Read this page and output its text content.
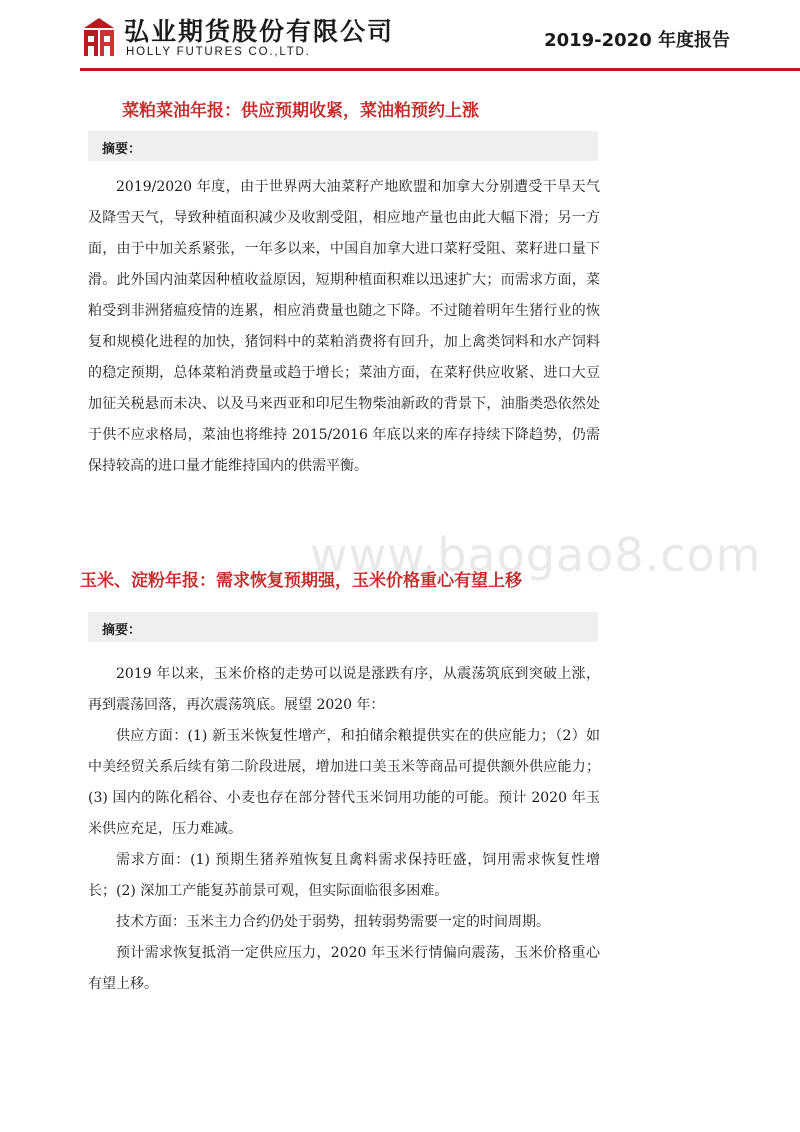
弘业期货股份有限公司
HOLLY FUTURES CO.,LTD.
2019-2020 年度报告
www.baogao8.com
菜粕菜油年报：供应预期收紧，菜油粕预约上涨
摘要：

2019/2020 年度，由于世界两大油菜籽产地欧盟和加拿大分别遭受干旱天气及降雪天气，导致种植面积减少及收割受阻，相应地产量也由此大幅下滑；另一方面，由于中加关系紧张，一年多以来，中国自加拿大进口菜籽受阻、菜籽进口量下滑。此外国内油菜因种植收益原因，短期种植面积难以迅速扩大；而需求方面，菜粕受到非洲猪瘟疫情的连累，相应消费量也随之下降。不过随着明年生猪行业的恢复和规模化进程的加快，猪饲料中的菜粕消费将有回升，加上禽类饲料和水产饲料的稳定预期，总体菜粕消费量或趋于增长；菜油方面，在菜籽供应收紧、进口大豆加征关税悬而未决、以及马来西亚和印尼生物柴油新政的背景下，油脂类恐依然处于供不应求格局，菜油也将维持 2015/2016 年底以来的库存持续下降趋势，仍需保持较高的进口量才能维持国内的供需平衡。

玉米、淀粉年报：需求恢复预期强，玉米价格重心有望上移
摘要：

2019 年以来，玉米价格的走势可以说是涨跌有序，从震荡筑底到突破上涨，再到震荡回落，再次震荡筑底。展望 2020 年：

供应方面：(1) 新玉米恢复性增产，和拍储余粮提供实在的供应能力；（2）如中美经贸关系后续有第二阶段进展，增加进口美玉米等商品可提供额外供应能力；(3) 国内的陈化稻谷、小麦也存在部分替代玉米饲用功能的可能。预计 2020 年玉米供应充足，压力难减。

需求方面：(1) 预期生猪养殖恢复且禽料需求保持旺盛，饲用需求恢复性增长；(2) 深加工产能复苏前景可观，但实际面临很多困难。

技术方面：玉米主力合约仍处于弱势，扭转弱势需要一定的时间周期。

预计需求恢复抵消一定供应压力，2020 年玉米行情偏向震荡，玉米价格重心有望上移。
